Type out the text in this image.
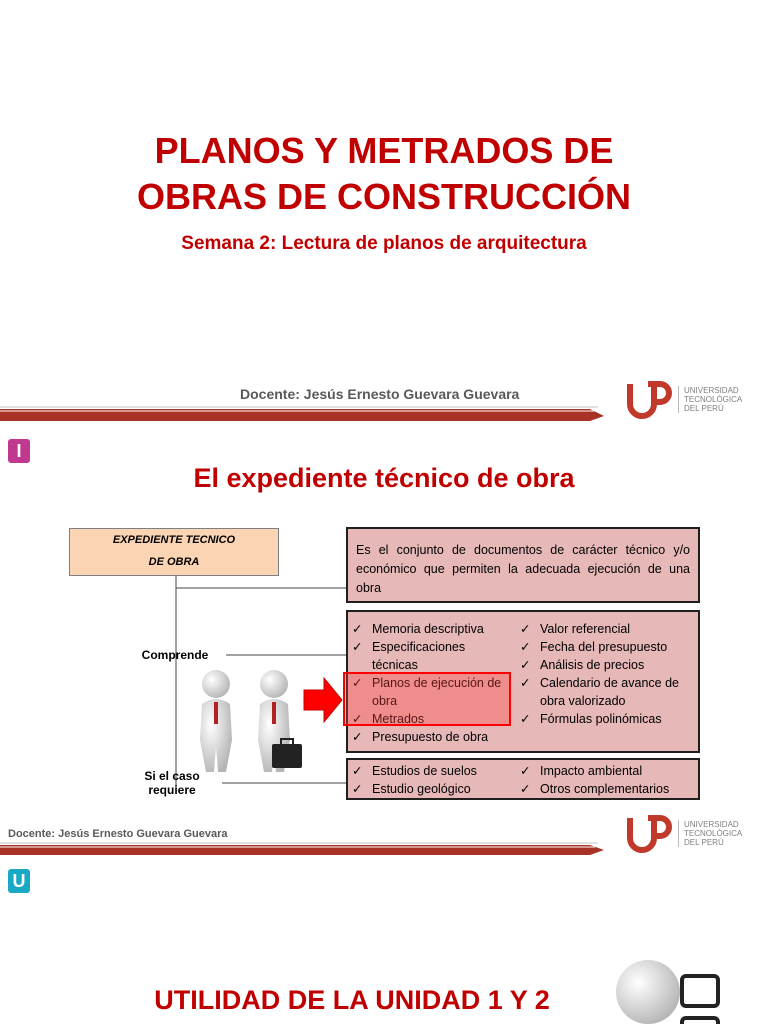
PLANOS Y METRADOS DE
OBRAS DE CONSTRUCCIÓN
Semana 2: Lectura de planos de arquitectura
Docente: Jesús Ernesto Guevara Guevara	UNIVERSIDAD
TECNOLÓGICA
DEL PERÚ
I
El expediente técnico de obra
EXPEDIENTE TECNICO
DE OBRA
Comprende
Si el caso
requiere
Es el conjunto de documentos de carácter técnico y/o económico que permiten la adecuada ejecución de una obra
✓ Memoria descriptiva
✓ Especificaciones técnicas
✓ Planos de ejecución de obra
✓ Metrados
✓ Presupuesto de obra
✓ Valor referencial
✓ Fecha del presupuesto
✓ Análisis de precios
✓ Calendario de avance de obra valorizado
✓ Fórmulas polinómicas
✓ Estudios de suelos
✓ Estudio geológico
✓ Impacto ambiental
✓ Otros complementarios
Docente: Jesús Ernesto Guevara Guevara
UNIVERSIDAD
TECNOLÓGICA
DEL PERÚ
U
UTILIDAD DE LA UNIDAD 1 Y 2
